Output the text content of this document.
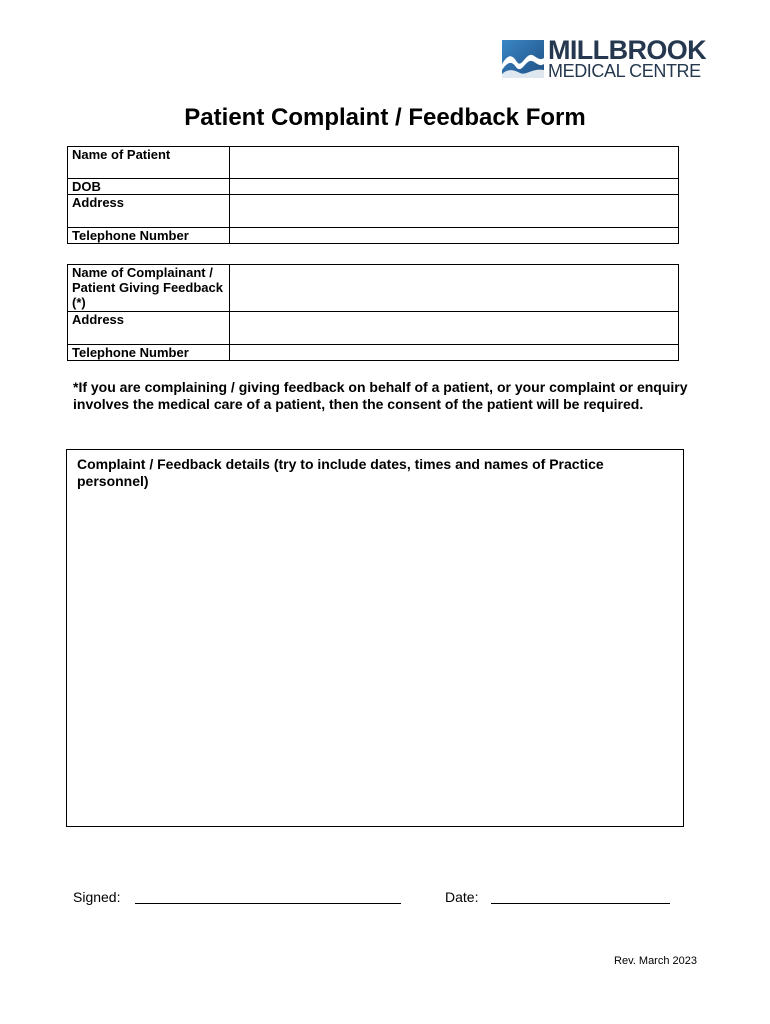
MILLBROOK
MEDICAL CENTRE
Patient Complaint / Feedback Form
Name of Patient	
DOB	
Address	
Telephone Number	
Name of Complainant / Patient Giving Feedback (*)	
Address	
Telephone Number	
*If you are complaining / giving feedback on behalf of a patient, or your complaint or enquiry involves the medical care of a patient, then the consent of the patient will be required.
Complaint / Feedback details (try to include dates, times and names of Practice personnel)
Signed:	Date:
Rev. March 2023
